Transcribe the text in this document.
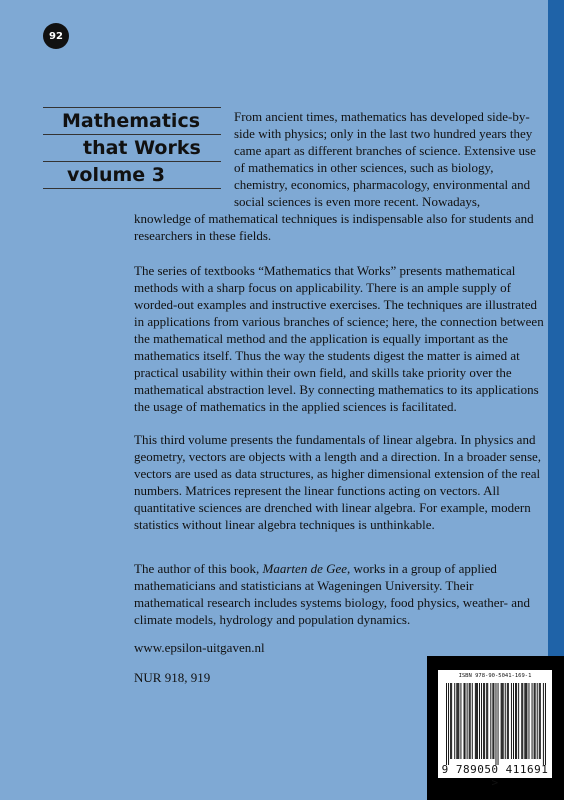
92
Mathematics
that Works
volume 3

From ancient times, mathematics has developed side-by-side with physics; only in the last two hundred years they came apart as different branches of science. Extensive use of mathematics in other sciences, such as biology, chemistry, economics, pharmacology, environmental and social sciences is even more recent. Nowadays,

knowledge of mathematical techniques is indispensable also for students and researchers in these fields.

The series of textbooks “Mathematics that Works” presents mathematical methods with a sharp focus on applicability. There is an ample supply of worded-out examples and instructive exercises. The techniques are illustrated in applications from various branches of science; here, the connection between the mathematical method and the application is equally important as the mathematics itself. Thus the way the students digest the matter is aimed at practical usability within their own field, and skills take priority over the mathematical abstraction level. By connecting mathematics to its applications the usage of mathematics in the applied sciences is facilitated.

This third volume presents the fundamentals of linear algebra. In physics and geometry, vectors are objects with a length and a direction. In a broader sense, vectors are used as data structures, as higher dimensional extension of the real numbers. Matrices represent the linear functions acting on vectors. All quantitative sciences are drenched with linear algebra. For example, modern statistics without linear algebra techniques is unthinkable.

The author of this book, Maarten de Gee, works in a group of applied mathematicians and statisticians at Wageningen University. Their mathematical research includes systems biology, food physics, weather- and climate models, hydrology and population dynamics.

www.epsilon-uitgaven.nl
NUR 918, 919	ISBN 978-90-5041-169-1
9 789050 411691 >
